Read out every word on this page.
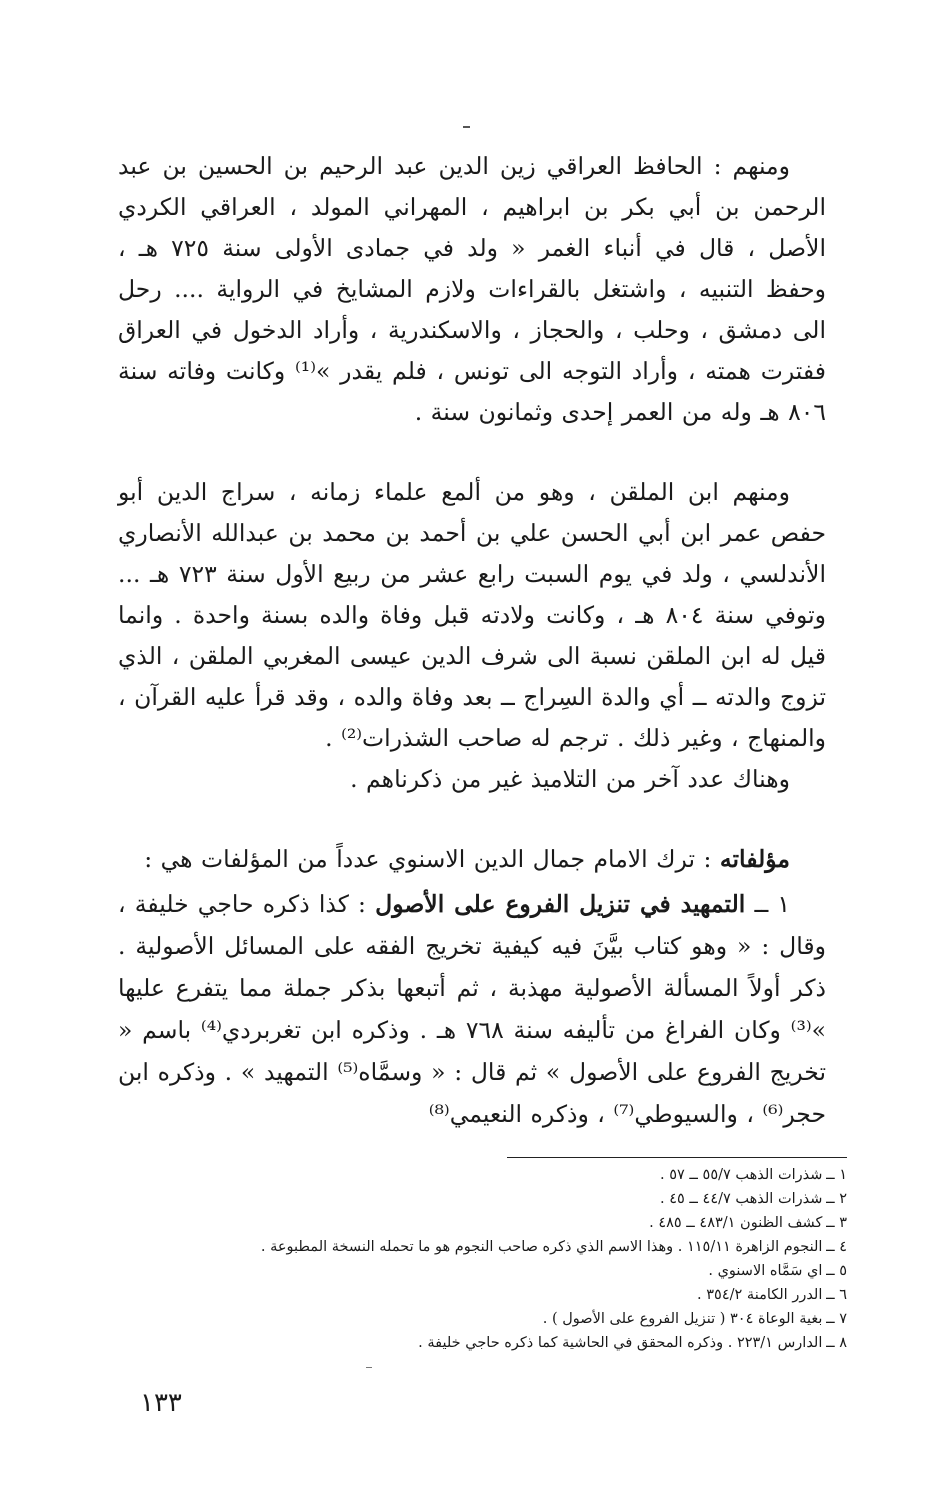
ومنهم : الحافظ العراقي زين الدين عبد الرحيم بن الحسين بن عبد الرحمن بن أبي بكر بن ابراهيم ، المهراني المولد ، العراقي الكردي الأصل ، قال في أنباء الغمر « ولد في جمادى الأولى سنة ٧٢٥ هـ ، وحفظ التنبيه ، واشتغل بالقراءات ولازم المشايخ في الرواية .... رحل الى دمشق ، وحلب ، والحجاز ، والاسكندرية ، وأراد الدخول في العراق ففترت همته ، وأراد التوجه الى تونس ، فلم يقدر »⁽¹⁾ وكانت وفاته سنة ٨٠٦ هـ وله من العمر إحدى وثمانون سنة .
ومنهم ابن الملقن ، وهو من ألمع علماء زمانه ، سراج الدين أبو حفص عمر ابن أبي الحسن علي بن أحمد بن محمد بن عبدالله الأنصاري الأندلسي ، ولد في يوم السبت رابع عشر من ربيع الأول سنة ٧٢٣ هـ ... وتوفي سنة ٨٠٤ هـ ، وكانت ولادته قبل وفاة والده بسنة واحدة . وانما قيل له ابن الملقن نسبة الى شرف الدين عيسى المغربي الملقن ، الذي تزوج والدته ــ أي والدة السِراج ــ بعد وفاة والده ، وقد قرأ عليه القرآن ، والمنهاج ، وغير ذلك . ترجم له صاحب الشذرات⁽²⁾ .
وهناك عدد آخر من التلاميذ غير من ذكرناهم .
مؤلفاته : ترك الامام جمال الدين الاسنوي عدداً من المؤلفات هي :
١ ــ التمهيد في تنزيل الفروع على الأصول : كذا ذكره حاجي خليفة ، وقال : « وهو كتاب بيَّنَ فيه كيفية تخريج الفقه على المسائل الأصولية . ذكر أولاً المسألة الأصولية مهذبة ، ثم أتبعها بذكر جملة مما يتفرع عليها »⁽³⁾ وكان الفراغ من تأليفه سنة ٧٦٨ هـ . وذكره ابن تغربردي⁽⁴⁾ باسم « تخريج الفروع على الأصول » ثم قال : « وسمَّاه⁽⁵⁾ التمهيد » . وذكره ابن حجر⁽⁶⁾ ، والسيوطي⁽⁷⁾ ، وذكره النعيمي⁽⁸⁾
١ ــ شذرات الذهب ٥٥/٧ ــ ٥٧ .
٢ ــ شذرات الذهب ٤٤/٧ ــ ٤٥ .
٣ ــ كشف الظنون ٤٨٣/١ ــ ٤٨٥ .
٤ ــ النجوم الزاهرة ١١٥/١١ . وهذا الاسم الذي ذكره صاحب النجوم هو ما تحمله النسخة المطبوعة .
٥ ــ اي سَمَّاه الاسنوي .
٦ ــ الدرر الكامنة ٣٥٤/٢ .
٧ ــ بغية الوعاة ٣٠٤ ( تنزيل الفروع على الأصول ) .
٨ ــ الدارس ٢٢٣/١ . وذكره المحقق في الحاشية كما ذكره حاجي خليفة .
١٣٣
